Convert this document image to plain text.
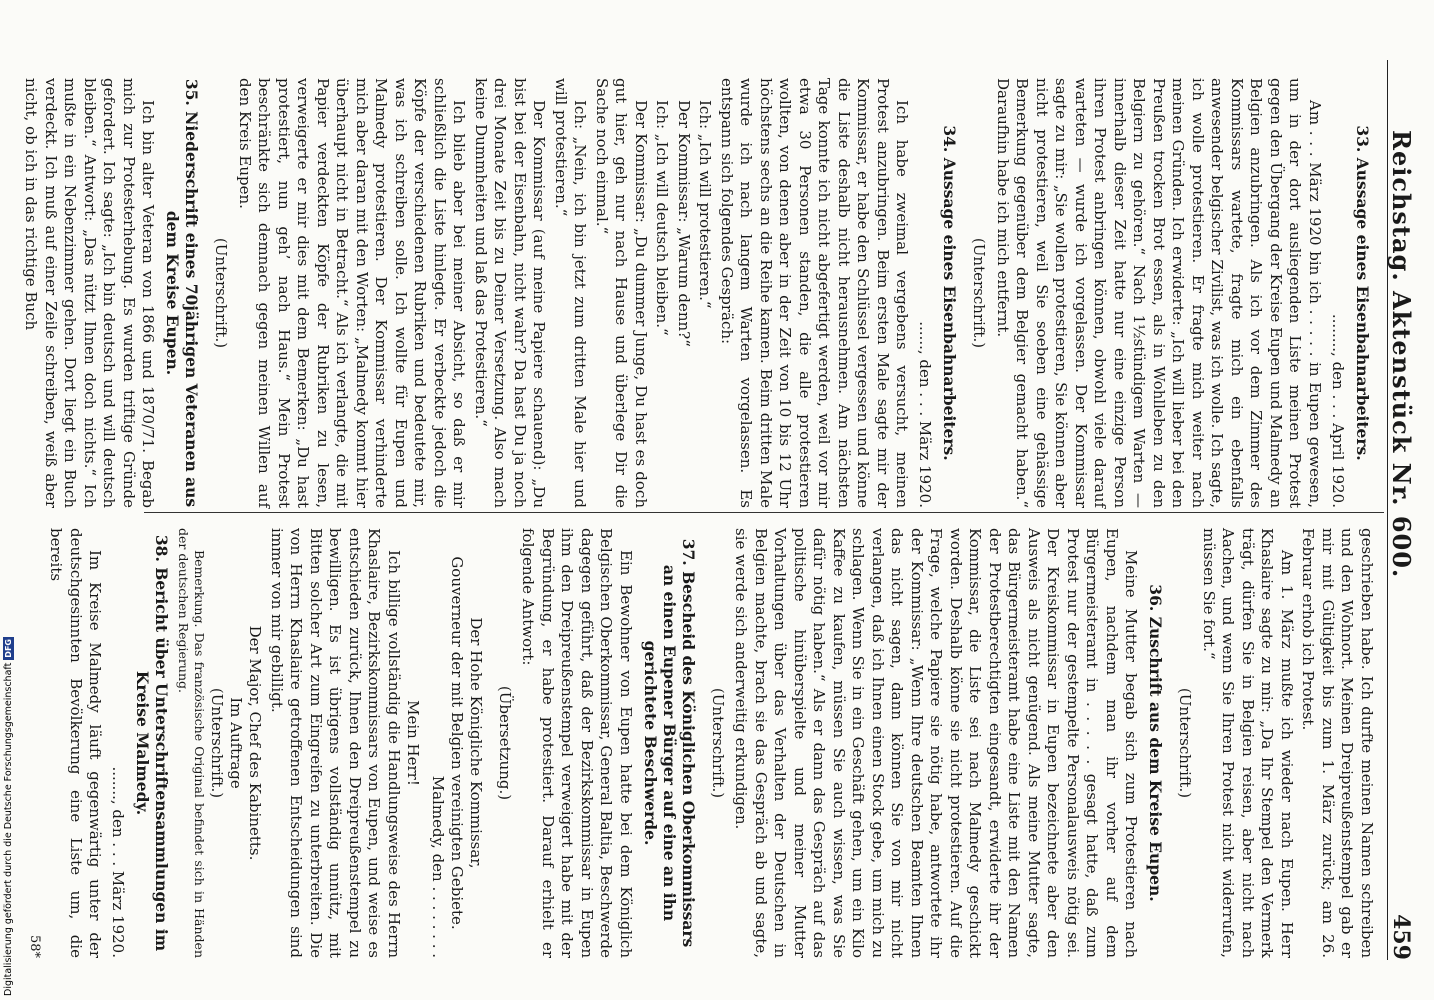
Reichstag. Aktenstück Nr. 600.
459
33. Aussage eines Eisenbahnarbeiters.
........, den . . . April 1920.

Am . . . März 1920 bin ich . . . . . in Eupen gewesen, um in der dort ausliegenden Liste meinen Protest gegen den Übergang der Kreise Eupen und Malmedy an Belgien anzubringen. Als ich vor dem Zimmer des Kommissars wartete, fragte mich ein ebenfalls anwesender belgischer Zivilist, was ich wolle. Ich sagte, ich wolle protestieren. Er fragte mich weiter nach meinen Gründen. Ich erwiderte: „Ich will lieber bei den Preußen trocken Brot essen, als in Wohlleben zu den Belgiern zu gehören.“ Nach 1½stündigem Warten — innerhalb dieser Zeit hatte nur eine einzige Person ihren Protest anbringen können, obwohl viele darauf warteten — wurde ich vorgelassen. Der Kommissar sagte zu mir: „Sie wollen protestieren, Sie können aber nicht protestieren, weil Sie soeben eine gehässige Bemerkung gegenüber dem Belgier gemacht haben.“ Daraufhin habe ich mich entfernt.

(Unterschrift.)
34. Aussage eines Eisenbahnarbeiters.
......, den . . . März 1920.

Ich habe zweimal vergebens versucht, meinen Protest anzubringen. Beim ersten Male sagte mir der Kommissar, er habe den Schlüssel vergessen und könne die Liste deshalb nicht herausnehmen. Am nächsten Tage konnte ich nicht abgefertigt werden, weil vor mir etwa 30 Personen standen, die alle protestieren wollten, von denen aber in der Zeit von 10 bis 12 Uhr höchstens sechs an die Reihe kamen. Beim dritten Male wurde ich nach langem Warten vorgelassen. Es entspann sich folgendes Gespräch:

Ich: „Ich will protestieren.“

Der Kommissar: „Warum denn?“

Ich: „Ich will deutsch bleiben.“

Der Kommissar: „Du dummer Junge, Du hast es doch gut hier, geh nur nach Hause und überlege Dir die Sache noch einmal.“

Ich: „Nein, ich bin jetzt zum dritten Male hier und will protestieren.“

Der Kommissar (auf meine Papiere schauend): „Du bist bei der Eisenbahn, nicht wahr? Da hast Du ja noch drei Monate Zeit bis zu Deiner Versetzung. Also mach keine Dummheiten und laß das Protestieren.“

Ich blieb aber bei meiner Absicht, so daß er mir schließlich die Liste hinlegte. Er verbeckte jedoch die Köpfe der verschiedenen Rubriken und bedeutete mir, was ich schreiben solle. Ich wollte für Eupen und Malmedy protestieren. Der Kommissar verhinderte mich aber daran mit den Worten: „Malmedy kommt hier überhaupt nicht in Betracht.“ Als ich verlangte, die mit Papier verdeckten Köpfe der Rubriken zu lesen, verweigerte er mir dies mit dem Bemerken: „Du hast protestiert, nun geh’ nach Haus.“ Mein Protest beschränkte sich demnach gegen meinen Willen auf den Kreis Eupen.

(Unterschrift.)
35. Niederschrift eines 70jährigen Veteranen aus dem Kreise Eupen.

Ich bin alter Veteran von 1866 und 1870/71. Begab mich zur Protesterhebung. Es wurden triftige Gründe gefordert. Ich sagte: „Ich bin deutsch und will deutsch bleiben.“ Antwort: „Das nützt Ihnen doch nichts.“ Ich mußte in ein Nebenzimmer gehen. Dort liegt ein Buch verdeckt. Ich muß auf einer Zeile schreiben, weiß aber nicht, ob ich in das richtige Buch

geschrieben habe. Ich durfte meinen Namen schreiben und den Wohnort. Meinen Dreipreußenstempel gab er mir mit Gültigkeit bis zum 1. März zurück; am 26. Februar erhob ich Protest.

Am 1. März mußte ich wieder nach Eupen. Herr Khaslaire sagte zu mir: „Da Ihr Stempel den Vermerk trägt, dürfen Sie in Belgien reisen, aber nicht nach Aachen, und wenn Sie Ihren Protest nicht widerrufen, müssen Sie fort.“

(Unterschrift.)
36. Zuschrift aus dem Kreise Eupen.

Meine Mutter begab sich zum Protestieren nach Eupen, nachdem man ihr vorher auf dem Bürgermeisteramt in . . . . . gesagt hatte, daß zum Protest nur der gestempelte Personalausweis nötig sei. Der Kreiskommissar in Eupen bezeichnete aber den Ausweis als nicht genügend. Als meine Mutter sagte, das Bürgermeisteramt habe eine Liste mit den Namen der Protestberechtigten eingesandt, erwiderte ihr der Kommissar, die Liste sei nach Malmedy geschickt worden. Deshalb könne sie nicht protestieren. Auf die Frage, welche Papiere sie nötig habe, antwortete ihr der Kommissar: „Wenn Ihre deutschen Beamten Ihnen das nicht sagen, dann können Sie von mir nicht verlangen, daß ich Ihnen einen Stock gebe, um mich zu schlagen. Wenn Sie in ein Geschäft gehen, um ein Kilo Kaffee zu kaufen, müssen Sie auch wissen, was Sie dafür nötig haben.“ Als er dann das Gespräch auf das politische hinüberspielte und meiner Mutter Vorhaltungen über das Verhalten der Deutschen in Belgien machte, brach sie das Gespräch ab und sagte, sie werde sich anderweitig erkundigen.

(Unterschrift.)
37. Bescheid des Königlichen Oberkommissars an einen Eupener Bürger auf eine an ihn gerichtete Beschwerde.

Ein Bewohner von Eupen hatte bei dem Königlich Belgischen Oberkommissar, General Baltia, Beschwerde dagegen geführt, daß der Bezirkskommissar in Eupen ihm den Dreipreußenstempel verweigert habe mit der Begründung, er habe protestiert. Darauf erhielt er folgende Antwort:

(Übersetzung.)
Der Hohe Königliche Kommissar,
Gouverneur der mit Belgien vereinigten Gebiete.
Malmedy, den . . . . . . . .
Mein Herr!

Ich billige vollständig die Handlungsweise des Herrn Khaslaire, Bezirkskommissars von Eupen, und weise es entschieden zurück, Ihnen den Dreipreußenstempel zu bewilligen. Es ist übrigens vollständig unnütz, mit Bitten solcher Art zum Eingreifen zu unterbreiten. Die von Herrn Khaslaire getroffenen Entscheidungen sind immer von mir gebilligt.

Der Major, Chef des Kabinetts.
Im Auftrage
(Unterschrift.)

Bemerkung. Das französische Original befindet sich in Händen der deutschen Regierung.

38. Bericht über Unterschriftensammlungen im Kreise Malmedy.
......., den . . . März 1920.

Im Kreise Malmedy läuft gegenwärtig unter der deutschgesinnten Bevölkerung eine Liste um, die bereits

58*
Digitalisierung gefördert durch die Deutsche Forschungsgemeinschaft
DFG
